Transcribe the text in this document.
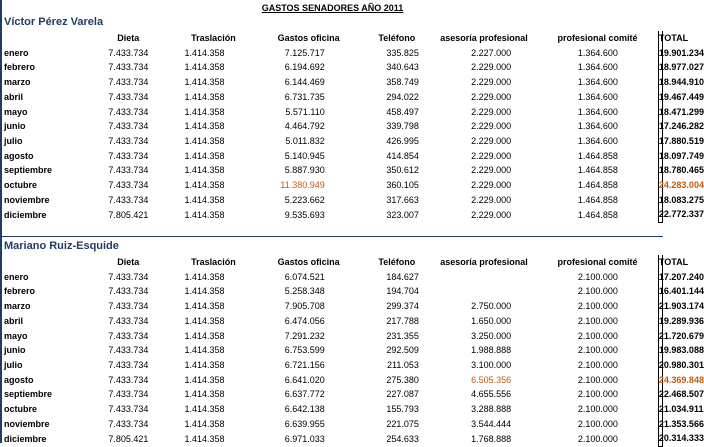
GASTOS SENADORES AÑO 2011
Víctor Pérez Varela
	Dieta	Traslación	Gastos oficina	Teléfono	asesoría profesional	profesional comité	TOTAL
enero	7.433.734	1.414.358	7.125.717	335.825	2.227.000	1.364.600	19.901.234
febrero	7.433.734	1.414.358	6.194.692	340.643	2.229.000	1.364.600	18.977.027
marzo	7.433.734	1.414.358	6.144.469	358.749	2.229.000	1.364.600	18.944.910
abril	7.433.734	1.414.358	6.731.735	294.022	2.229.000	1.364.600	19.467.449
mayo	7.433.734	1.414.358	5.571.110	458.497	2.229.000	1.364.600	18.471.299
junio	7.433.734	1.414.358	4.464.792	339.798	2.229.000	1.364.600	17.246.282
julio	7.433.734	1.414.358	5.011.832	426.995	2.229.000	1.364.600	17.880.519
agosto	7.433.734	1.414.358	5.140.945	414.854	2.229.000	1.464.858	18.097.749
septiembre	7.433.734	1.414.358	5.887.930	350.612	2.229.000	1.464.858	18.780.465
octubre	7.433.734	1.414.358	11.380.949	360.105	2.229.000	1.464.858	24.283.004
noviembre	7.433.734	1.414.358	5.223.662	317.663	2.229.000	1.464.858	18.083.275
diciembre	7.805.421	1.414.358	9.535.693	323.007	2.229.000	1.464.858	22.772.337
Mariano Ruiz-Esquide
	Dieta	Traslación	Gastos oficina	Teléfono	asesoría profesional	profesional comité	TOTAL
enero	7.433.734	1.414.358	6.074.521	184.627		2.100.000	17.207.240
febrero	7.433.734	1.414.358	5.258.348	194.704		2.100.000	16.401.144
marzo	7.433.734	1.414.358	7.905.708	299.374	2.750.000	2.100.000	21.903.174
abril	7.433.734	1.414.358	6.474.056	217.788	1.650.000	2.100.000	19.289.936
mayo	7.433.734	1.414.358	7.291.232	231.355	3.250.000	2.100.000	21.720.679
junio	7.433.734	1.414.358	6.753.599	292.509	1.988.888	2.100.000	19.983.088
julio	7.433.734	1.414.358	6.721.156	211.053	3.100.000	2.100.000	20.980.301
agosto	7.433.734	1.414.358	6.641.020	275.380	6.505.356	2.100.000	24.369.848
septiembre	7.433.734	1.414.358	6.637.772	227.087	4.655.556	2.100.000	22.468.507
octubre	7.433.734	1.414.358	6.642.138	155.793	3.288.888	2.100.000	21.034.911
noviembre	7.433.734	1.414.358	6.639.955	221.075	3.544.444	2.100.000	21.353.566
diciembre	7.805.421	1.414.358	6.971.033	254.633	1.768.888	2.100.000	20.314.333
